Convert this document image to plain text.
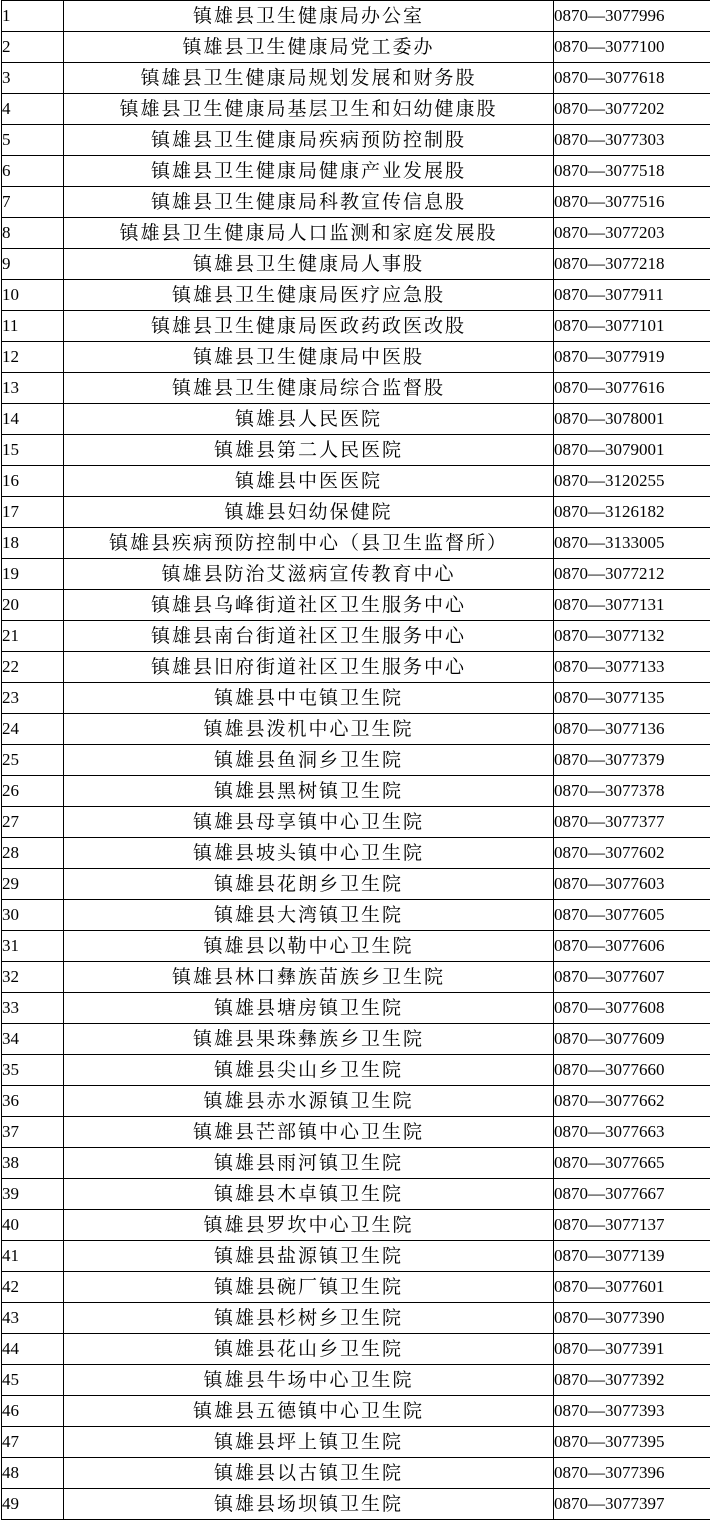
1	镇雄县卫生健康局办公室	0870—3077996
2	镇雄县卫生健康局党工委办	0870—3077100
3	镇雄县卫生健康局规划发展和财务股	0870—3077618
4	镇雄县卫生健康局基层卫生和妇幼健康股	0870—3077202
5	镇雄县卫生健康局疾病预防控制股	0870—3077303
6	镇雄县卫生健康局健康产业发展股	0870—3077518
7	镇雄县卫生健康局科教宣传信息股	0870—3077516
8	镇雄县卫生健康局人口监测和家庭发展股	0870—3077203
9	镇雄县卫生健康局人事股	0870—3077218
10	镇雄县卫生健康局医疗应急股	0870—3077911
11	镇雄县卫生健康局医政药政医改股	0870—3077101
12	镇雄县卫生健康局中医股	0870—3077919
13	镇雄县卫生健康局综合监督股	0870—3077616
14	镇雄县人民医院	0870—3078001
15	镇雄县第二人民医院	0870—3079001
16	镇雄县中医医院	0870—3120255
17	镇雄县妇幼保健院	0870—3126182
18	镇雄县疾病预防控制中心（县卫生监督所）	0870—3133005
19	镇雄县防治艾滋病宣传教育中心	0870—3077212
20	镇雄县乌峰街道社区卫生服务中心	0870—3077131
21	镇雄县南台街道社区卫生服务中心	0870—3077132
22	镇雄县旧府街道社区卫生服务中心	0870—3077133
23	镇雄县中屯镇卫生院	0870—3077135
24	镇雄县泼机中心卫生院	0870—3077136
25	镇雄县鱼洞乡卫生院	0870—3077379
26	镇雄县黑树镇卫生院	0870—3077378
27	镇雄县母享镇中心卫生院	0870—3077377
28	镇雄县坡头镇中心卫生院	0870—3077602
29	镇雄县花朗乡卫生院	0870—3077603
30	镇雄县大湾镇卫生院	0870—3077605
31	镇雄县以勒中心卫生院	0870—3077606
32	镇雄县林口彝族苗族乡卫生院	0870—3077607
33	镇雄县塘房镇卫生院	0870—3077608
34	镇雄县果珠彝族乡卫生院	0870—3077609
35	镇雄县尖山乡卫生院	0870—3077660
36	镇雄县赤水源镇卫生院	0870—3077662
37	镇雄县芒部镇中心卫生院	0870—3077663
38	镇雄县雨河镇卫生院	0870—3077665
39	镇雄县木卓镇卫生院	0870—3077667
40	镇雄县罗坎中心卫生院	0870—3077137
41	镇雄县盐源镇卫生院	0870—3077139
42	镇雄县碗厂镇卫生院	0870—3077601
43	镇雄县杉树乡卫生院	0870—3077390
44	镇雄县花山乡卫生院	0870—3077391
45	镇雄县牛场中心卫生院	0870—3077392
46	镇雄县五德镇中心卫生院	0870—3077393
47	镇雄县坪上镇卫生院	0870—3077395
48	镇雄县以古镇卫生院	0870—3077396
49	镇雄县场坝镇卫生院	0870—3077397
